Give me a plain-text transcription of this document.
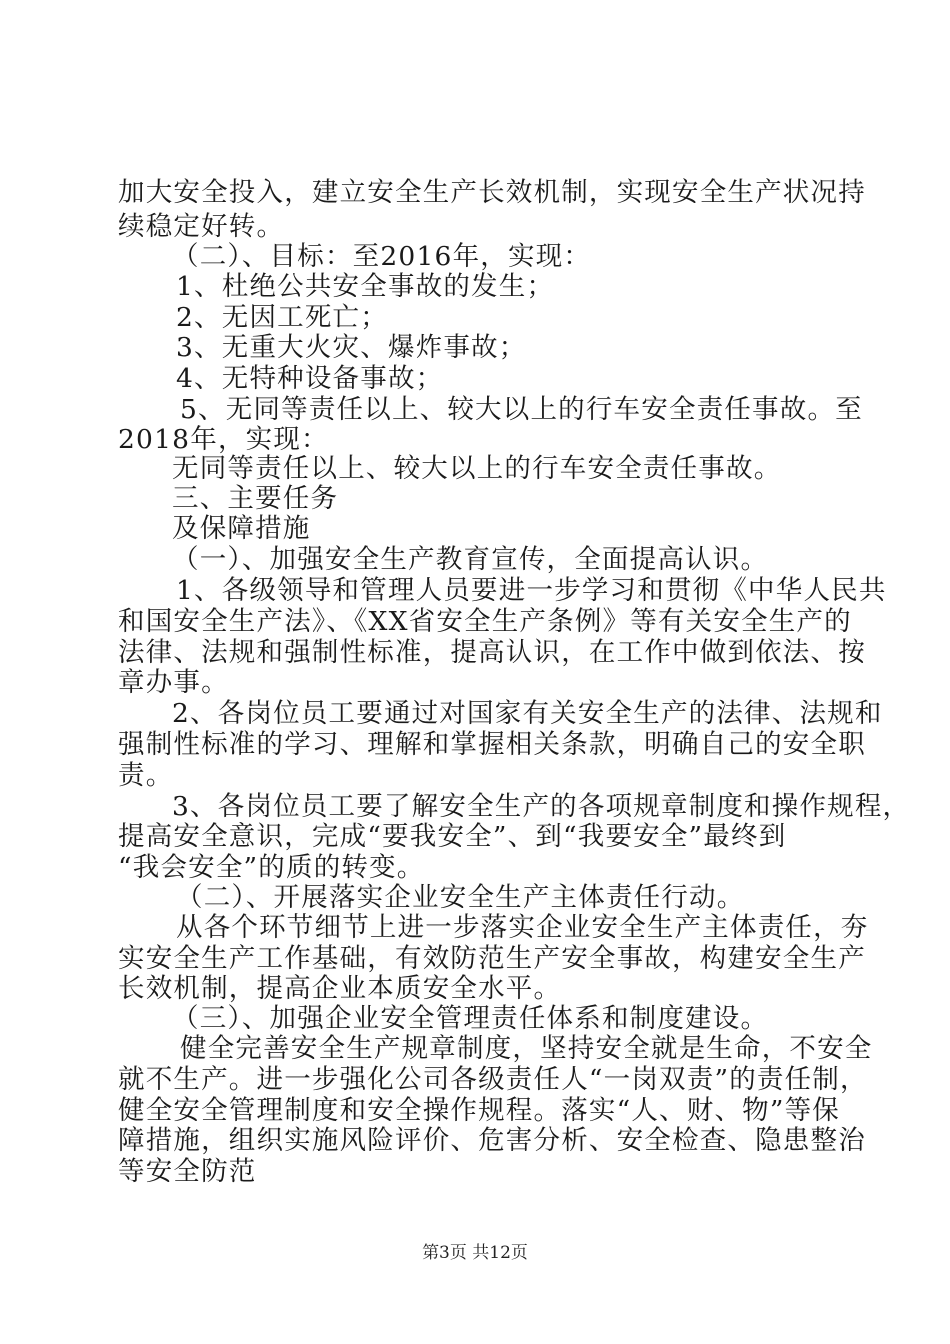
加大安全投入，建立安全生产长效机制，实现安全生产状况持
续稳定好转。
（二）、目标：至2016年，实现：
1、杜绝公共安全事故的发生；
2、无因工死亡；
3、无重大火灾、爆炸事故；
4、无特种设备事故；
5、无同等责任以上、较大以上的行车安全责任事故。至
2018年，实现：
无同等责任以上、较大以上的行车安全责任事故。
三、主要任务
及保障措施
（一）、加强安全生产教育宣传，全面提高认识。
1、各级领导和管理人员要进一步学习和贯彻《中华人民共
和国安全生产法》、《XX省安全生产条例》等有关安全生产的
法律、法规和强制性标准，提高认识，在工作中做到依法、按
章办事。
2、各岗位员工要通过对国家有关安全生产的法律、法规和
强制性标准的学习、理解和掌握相关条款，明确自己的安全职
责。
3、各岗位员工要了解安全生产的各项规章制度和操作规程，
提高安全意识，完成“要我安全”、到“我要安全”最终到
“我会安全”的质的转变。
（二）、开展落实企业安全生产主体责任行动。
从各个环节细节上进一步落实企业安全生产主体责任，夯
实安全生产工作基础，有效防范生产安全事故，构建安全生产
长效机制，提高企业本质安全水平。
（三）、加强企业安全管理责任体系和制度建设。
健全完善安全生产规章制度，坚持安全就是生命，不安全
就不生产。进一步强化公司各级责任人“一岗双责”的责任制，
健全安全管理制度和安全操作规程。落实“人、财、物”等保
障措施，组织实施风险评价、危害分析、安全检查、隐患整治
等安全防范
第3页 共12页
